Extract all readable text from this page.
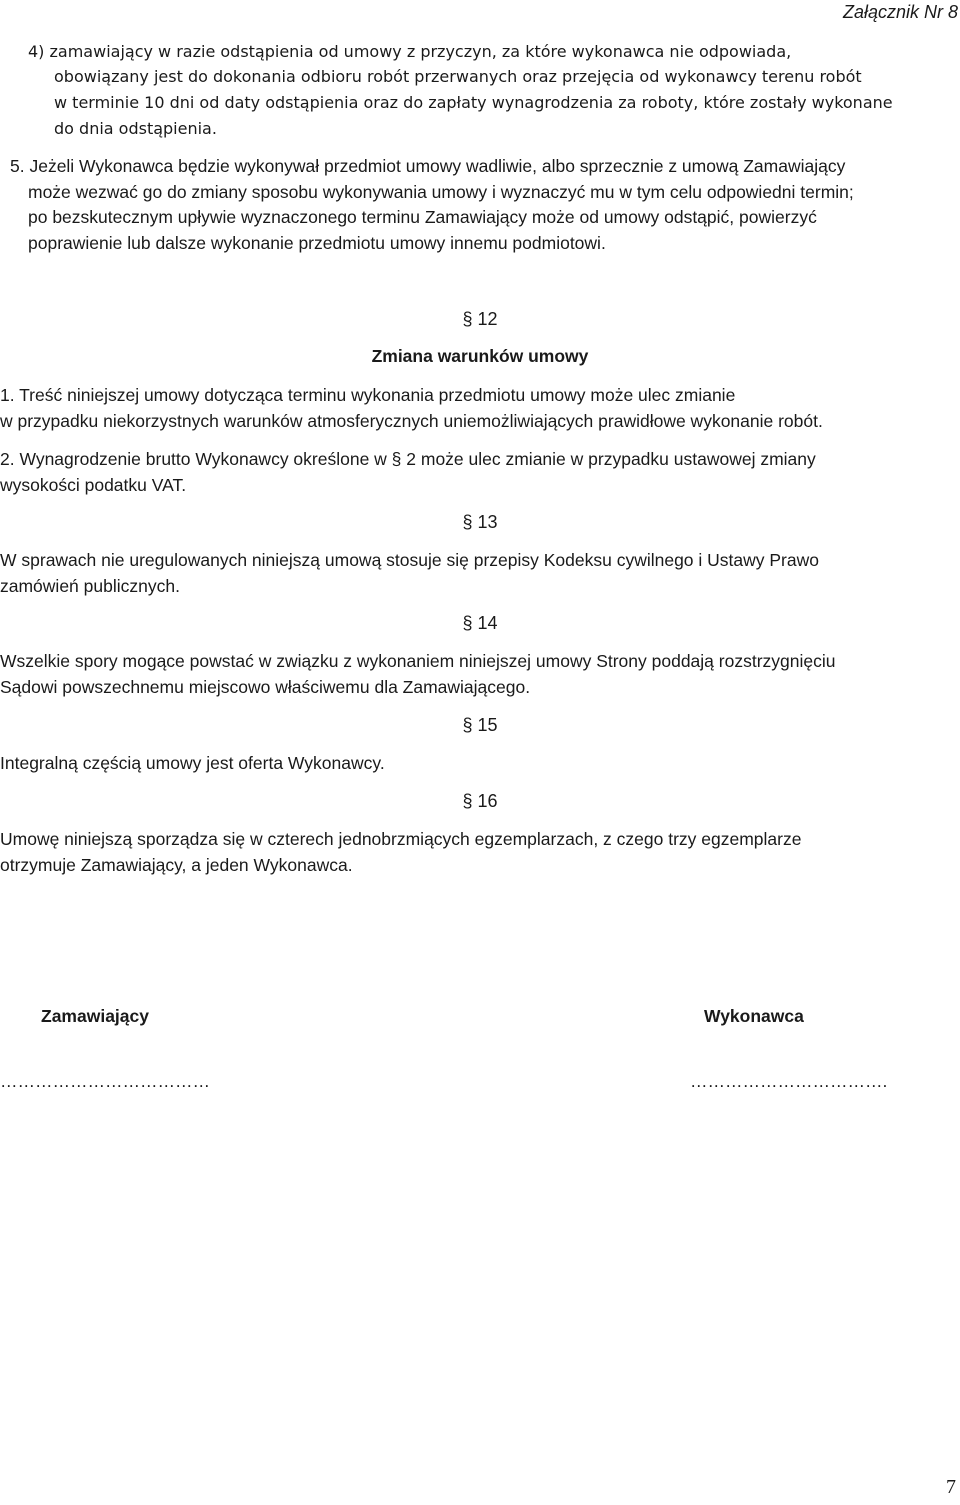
Załącznik Nr 8
4) zamawiający w razie odstąpienia od umowy z przyczyn, za które wykonawca nie odpowiada,
obowiązany jest do dokonania odbioru robót przerwanych oraz przejęcia od wykonawcy terenu robót
w terminie 10 dni od daty odstąpienia oraz do zapłaty wynagrodzenia za roboty, które zostały wykonane
do dnia odstąpienia.
5. Jeżeli Wykonawca będzie wykonywał przedmiot umowy wadliwie, albo sprzecznie z umową Zamawiający
może wezwać go do zmiany sposobu wykonywania umowy i wyznaczyć mu w tym celu odpowiedni termin;
po bezskutecznym upływie wyznaczonego terminu Zamawiający może od umowy odstąpić, powierzyć
poprawienie lub dalsze wykonanie przedmiotu umowy innemu podmiotowi.
§ 12
Zmiana warunków umowy
1. Treść niniejszej umowy dotycząca terminu wykonania przedmiotu umowy może ulec zmianie
w przypadku niekorzystnych warunków atmosferycznych uniemożliwiających prawidłowe wykonanie robót.
2. Wynagrodzenie brutto Wykonawcy określone w § 2 może ulec zmianie w przypadku ustawowej zmiany
wysokości podatku VAT.
§ 13
W sprawach nie uregulowanych niniejszą umową stosuje się przepisy Kodeksu cywilnego i Ustawy Prawo
zamówień publicznych.
§ 14
Wszelkie spory mogące powstać w związku z wykonaniem niniejszej umowy Strony poddają rozstrzygnięciu
Sądowi powszechnemu miejscowo właściwemu dla Zamawiającego.
§ 15
Integralną częścią umowy jest oferta Wykonawcy.
§ 16
Umowę niniejszą sporządza się w czterech jednobrzmiących egzemplarzach, z czego trzy egzemplarze
otrzymuje Zamawiający, a jeden Wykonawca.
Zamawiający	Wykonawca
………………………………	…………………………….
7
